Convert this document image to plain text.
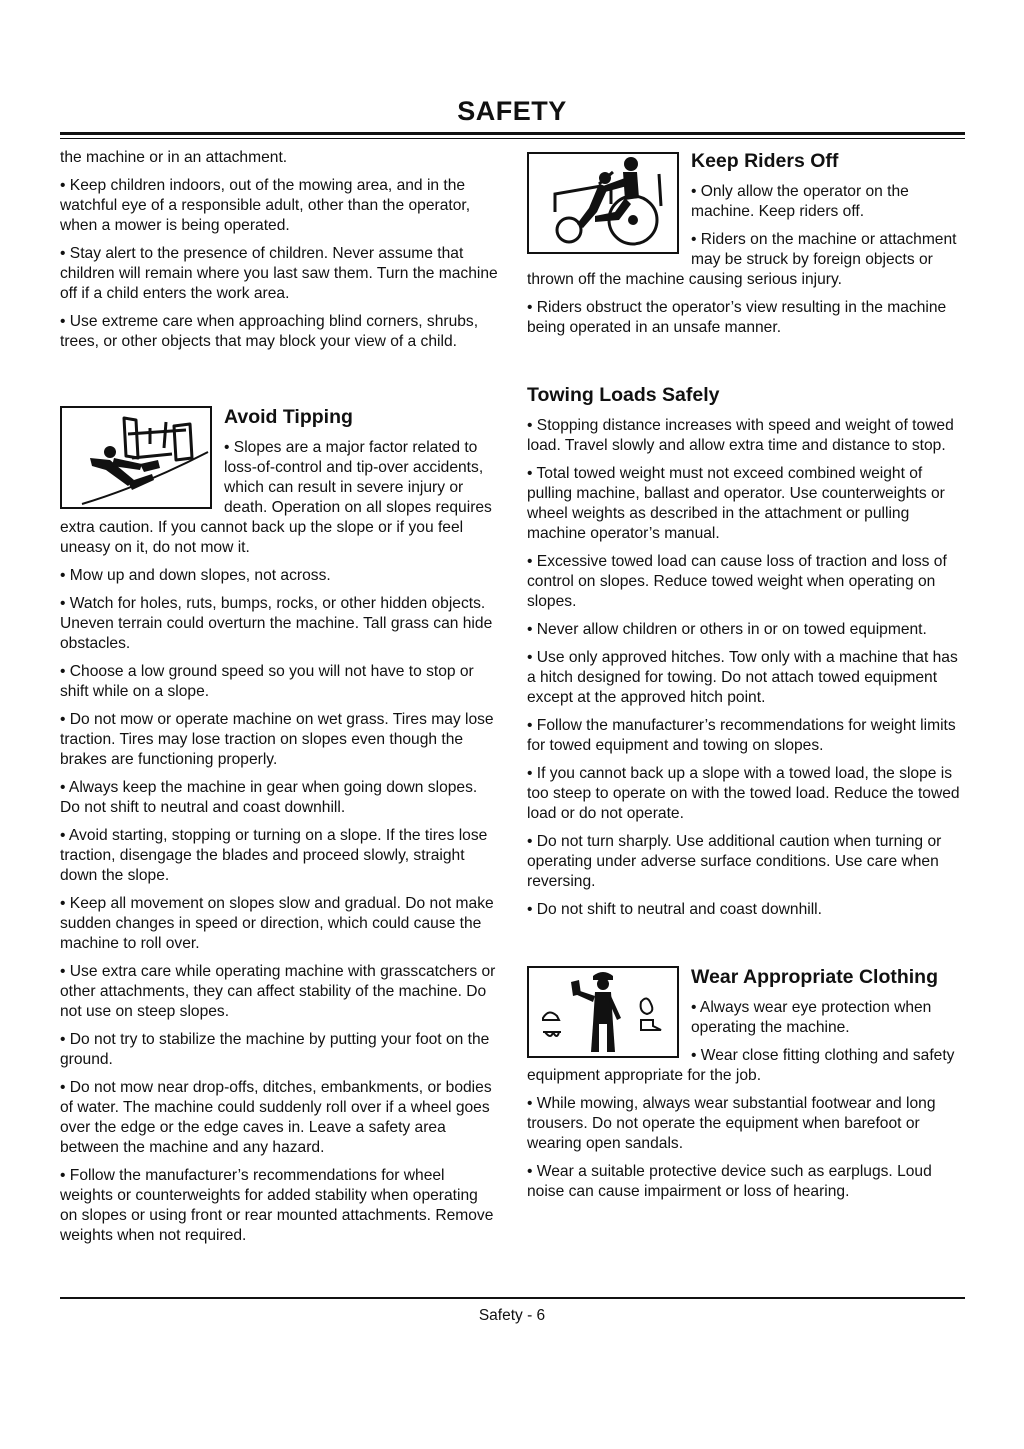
SAFETY

the machine or in an attachment.

• Keep children indoors, out of the mowing area, and in the watchful eye of a responsible adult, other than the operator, when a mower is being operated.

• Stay alert to the presence of children. Never assume that children will remain where you last saw them. Turn the machine off if a child enters the work area.

• Use extreme care when approaching blind corners, shrubs, trees, or other objects that may block your view of a child.

Avoid Tipping

• Slopes are a major factor related to loss-of-control and tip-over accidents, which can result in severe injury or death. Operation on all slopes requires extra caution. If you cannot back up the slope or if you feel uneasy on it, do not mow it.

• Mow up and down slopes, not across.

• Watch for holes, ruts, bumps, rocks, or other hidden objects. Uneven terrain could overturn the machine. Tall grass can hide obstacles.

• Choose a low ground speed so you will not have to stop or shift while on a slope.

• Do not mow or operate machine on wet grass. Tires may lose traction. Tires may lose traction on slopes even though the brakes are functioning properly.

• Always keep the machine in gear when going down slopes. Do not shift to neutral and coast downhill.

• Avoid starting, stopping or turning on a slope. If the tires lose traction, disengage the blades and proceed slowly, straight down the slope.

• Keep all movement on slopes slow and gradual. Do not make sudden changes in speed or direction, which could cause the machine to roll over.

• Use extra care while operating machine with grasscatchers or other attachments, they can affect stability of the machine. Do not use on steep slopes.

• Do not try to stabilize the machine by putting your foot on the ground.

• Do not mow near drop-offs, ditches, embankments, or bodies of water. The machine could suddenly roll over if a wheel goes over the edge or the edge caves in. Leave a safety area between the machine and any hazard.

• Follow the manufacturer’s recommendations for wheel weights or counterweights for added stability when operating on slopes or using front or rear mounted attachments. Remove weights when not required.

Keep Riders Off

• Only allow the operator on the machine. Keep riders off.

• Riders on the machine or attachment may be struck by foreign objects or thrown off the machine causing serious injury.

• Riders obstruct the operator’s view resulting in the machine being operated in an unsafe manner.

Towing Loads Safely

• Stopping distance increases with speed and weight of towed load. Travel slowly and allow extra time and distance to stop.

• Total towed weight must not exceed combined weight of pulling machine, ballast and operator. Use counterweights or wheel weights as described in the attachment or pulling machine operator’s manual.

• Excessive towed load can cause loss of traction and loss of control on slopes. Reduce towed weight when operating on slopes.

• Never allow children or others in or on towed equipment.

• Use only approved hitches. Tow only with a machine that has a hitch designed for towing. Do not attach towed equipment except at the approved hitch point.

• Follow the manufacturer’s recommendations for weight limits for towed equipment and towing on slopes.

• If you cannot back up a slope with a towed load, the slope is too steep to operate on with the towed load. Reduce the towed load or do not operate.

• Do not turn sharply. Use additional caution when turning or operating under adverse surface conditions. Use care when reversing.

• Do not shift to neutral and coast downhill.

Wear Appropriate Clothing

• Always wear eye protection when operating the machine.

• Wear close fitting clothing and safety equipment appropriate for the job.

• While mowing, always wear substantial footwear and long trousers. Do not operate the equipment when barefoot or wearing open sandals.

• Wear a suitable protective device such as earplugs. Loud noise can cause impairment or loss of hearing.

Safety - 6
